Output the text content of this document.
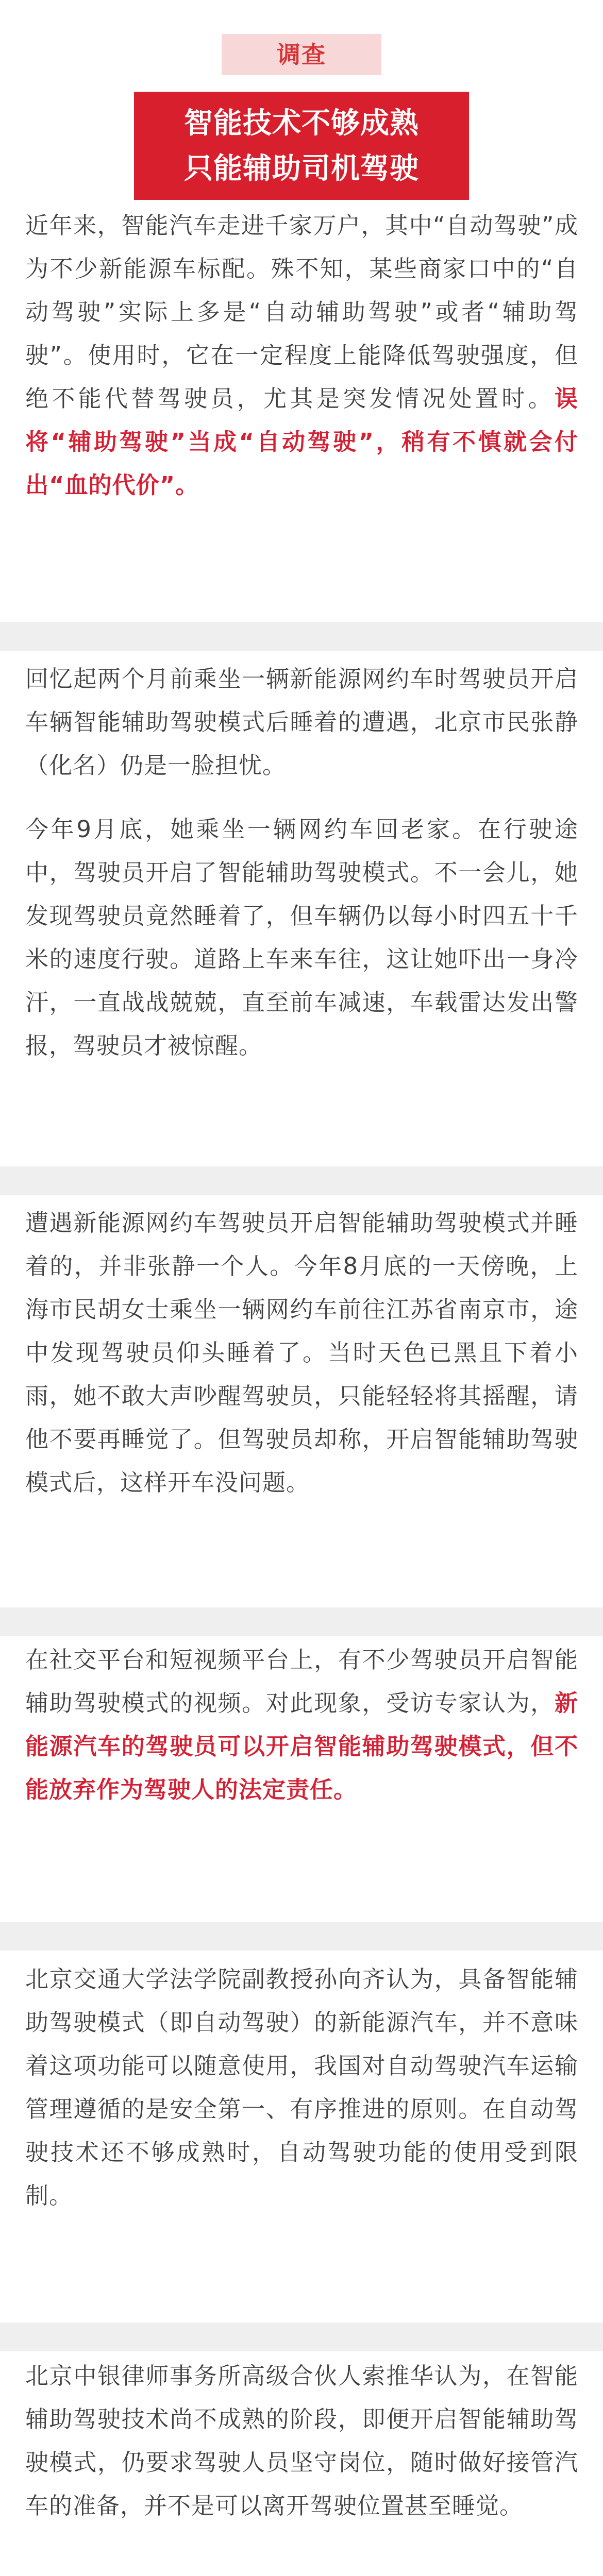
调查
智能技术不够成熟
只能辅助司机驾驶
近年来，智能汽车走进千家万户，其中“自动驾驶”成为不少新能源车标配。殊不知，某些商家口中的“自动驾驶”实际上多是“自动辅助驾驶”或者“辅助驾驶”。使用时，它在一定程度上能降低驾驶强度，但绝不能代替驾驶员，尤其是突发情况处置时。误将“辅助驾驶”当成“自动驾驶”，稍有不慎就会付出“血的代价”。
回忆起两个月前乘坐一辆新能源网约车时驾驶员开启车辆智能辅助驾驶模式后睡着的遭遇，北京市民张静（化名）仍是一脸担忧。
今年9月底，她乘坐一辆网约车回老家。在行驶途中，驾驶员开启了智能辅助驾驶模式。不一会儿，她发现驾驶员竟然睡着了，但车辆仍以每小时四五十千米的速度行驶。道路上车来车往，这让她吓出一身冷汗，一直战战兢兢，直至前车减速，车载雷达发出警报，驾驶员才被惊醒。
遭遇新能源网约车驾驶员开启智能辅助驾驶模式并睡着的，并非张静一个人。今年8月底的一天傍晚，上海市民胡女士乘坐一辆网约车前往江苏省南京市，途中发现驾驶员仰头睡着了。当时天色已黑且下着小雨，她不敢大声吵醒驾驶员，只能轻轻将其摇醒，请他不要再睡觉了。但驾驶员却称，开启智能辅助驾驶模式后，这样开车没问题。
在社交平台和短视频平台上，有不少驾驶员开启智能辅助驾驶模式的视频。对此现象，受访专家认为，新能源汽车的驾驶员可以开启智能辅助驾驶模式，但不能放弃作为驾驶人的法定责任。
北京交通大学法学院副教授孙向齐认为，具备智能辅助驾驶模式（即自动驾驶）的新能源汽车，并不意味着这项功能可以随意使用，我国对自动驾驶汽车运输管理遵循的是安全第一、有序推进的原则。在自动驾驶技术还不够成熟时，自动驾驶功能的使用受到限制。
北京中银律师事务所高级合伙人索推华认为，在智能辅助驾驶技术尚不成熟的阶段，即便开启智能辅助驾驶模式，仍要求驾驶人员坚守岗位，随时做好接管汽车的准备，并不是可以离开驾驶位置甚至睡觉。
